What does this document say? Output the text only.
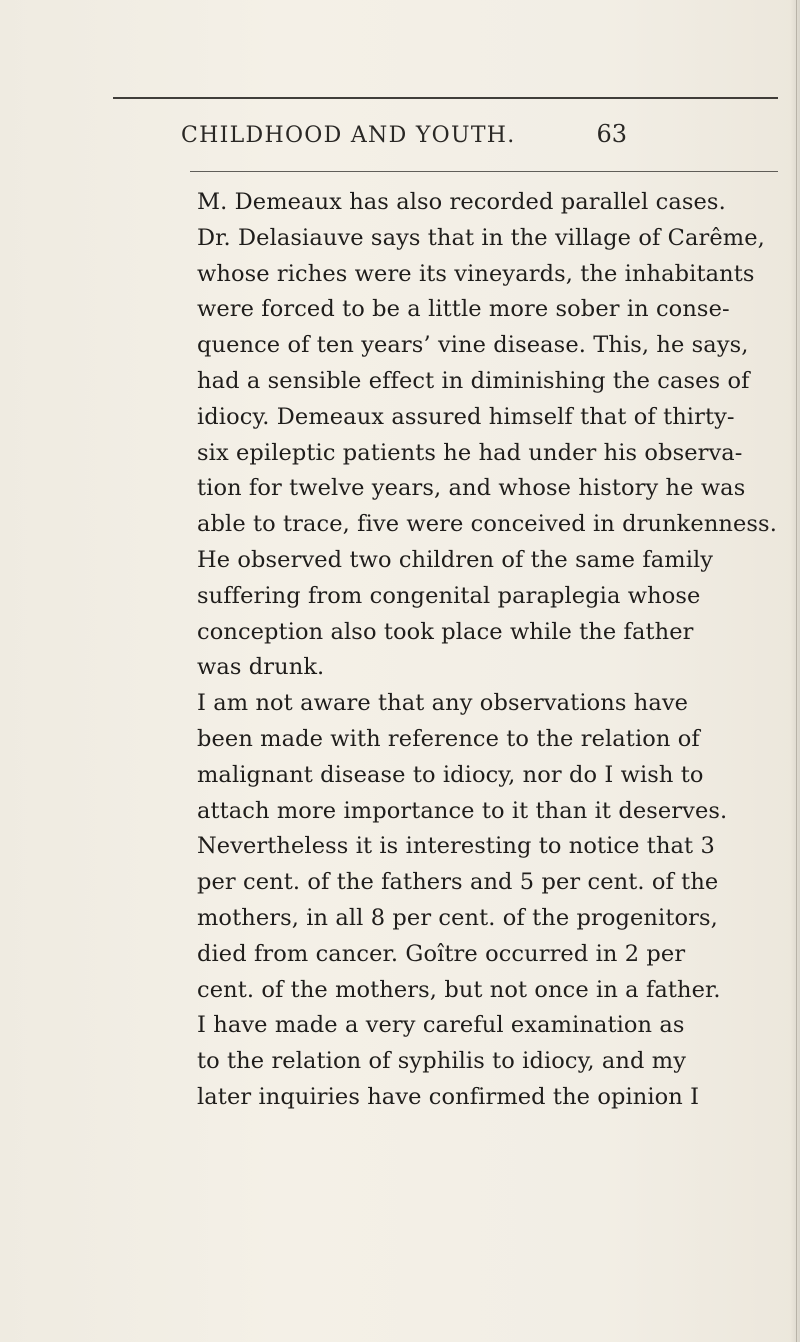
CHILDHOOD AND YOUTH.	63
M. Demeaux has also recorded parallel cases.
Dr. Delasiauve says that in the village of Carême,
whose riches were its vineyards, the inhabitants
were forced to be a little more sober in conse-
quence of ten years’ vine disease. This, he says,
had a sensible effect in diminishing the cases of
idiocy. Demeaux assured himself that of thirty-
six epileptic patients he had under his observa-
tion for twelve years, and whose history he was
able to trace, five were conceived in drunkenness.
He observed two children of the same family
suffering from congenital paraplegia whose
conception also took place while the father
was drunk.
I am not aware that any observations have
been made with reference to the relation of
malignant disease to idiocy, nor do I wish to
attach more importance to it than it deserves.
Nevertheless it is interesting to notice that 3
per cent. of the fathers and 5 per cent. of the
mothers, in all 8 per cent. of the progenitors,
died from cancer. Goître occurred in 2 per
cent. of the mothers, but not once in a father.
I have made a very careful examination as
to the relation of syphilis to idiocy, and my
later inquiries have confirmed the opinion I
